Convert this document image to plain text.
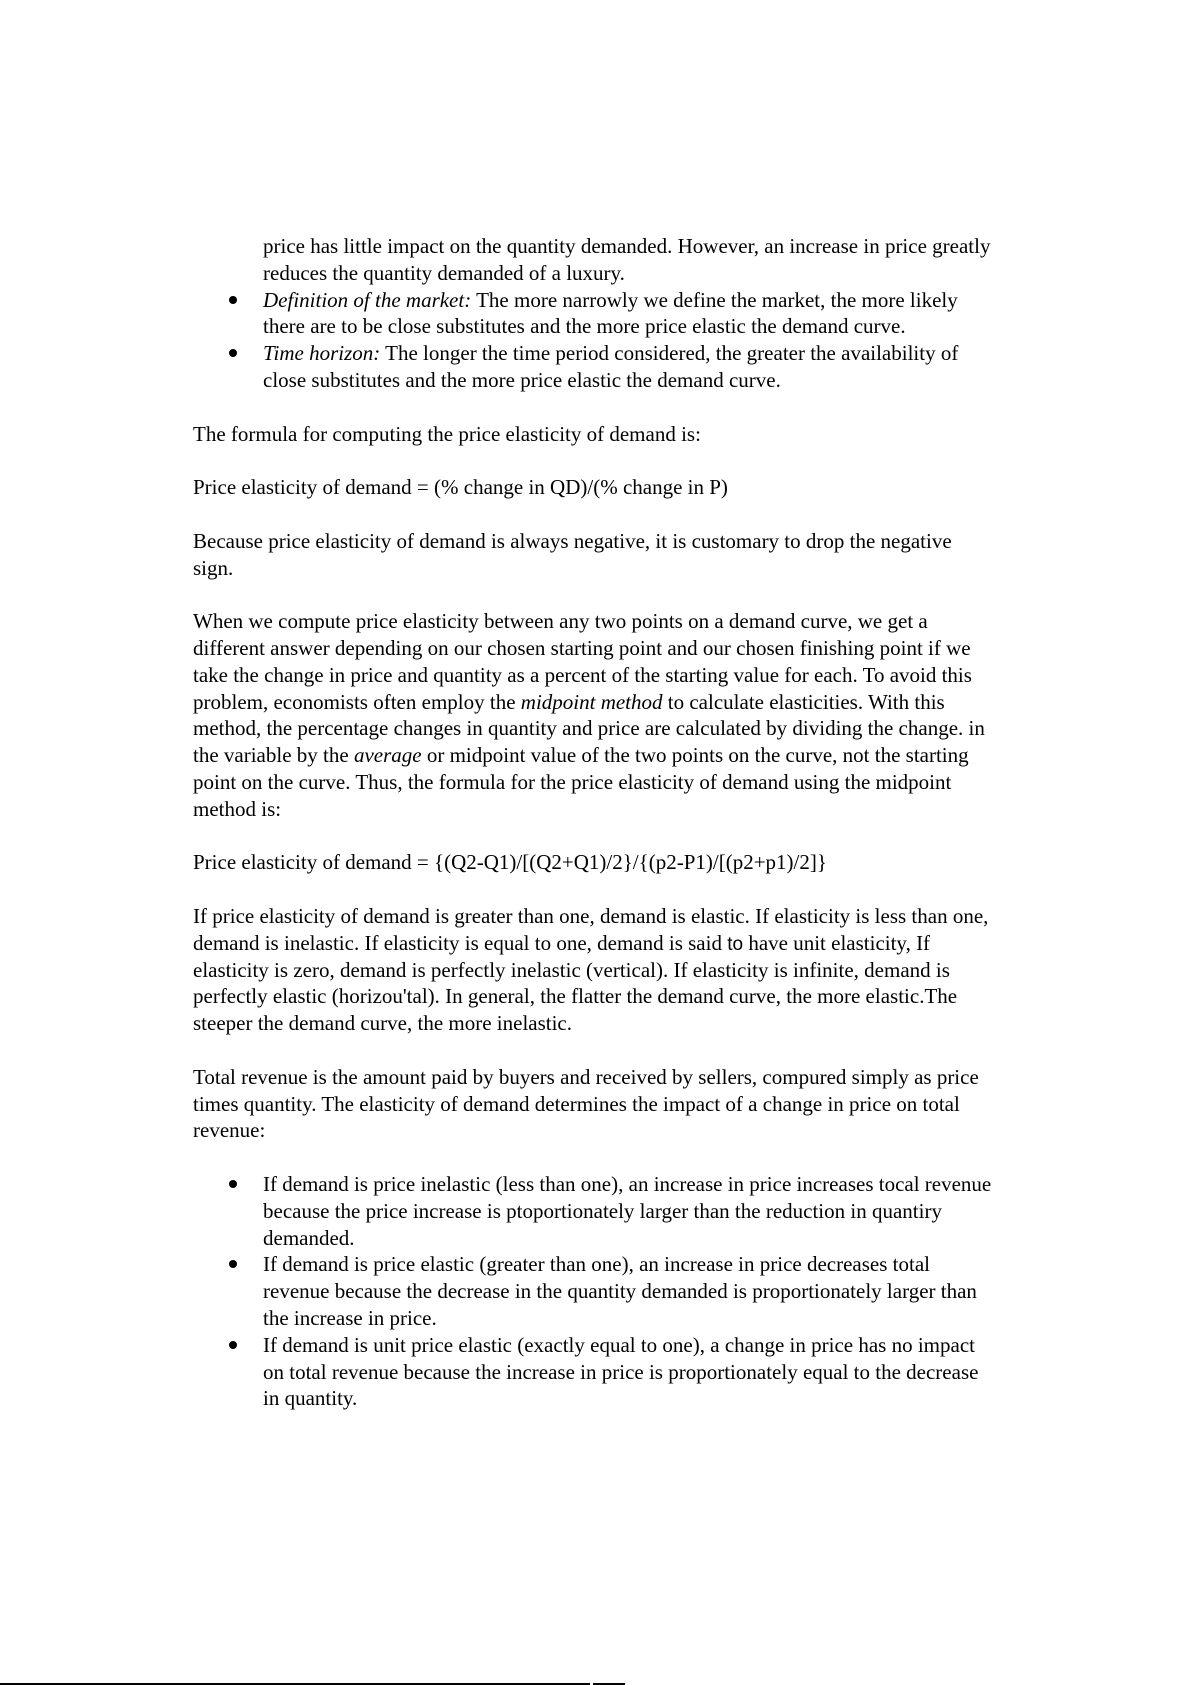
price has little impact on the quantity demanded. However, an increase in price greatly
reduces the quantity demanded of a luxury.
Definition of the market: The more narrowly we define the market, the more likely
there are to be close substitutes and the more price elastic the demand curve.
Time horizon: The longer the time period considered, the greater the availability of
close substitutes and the more price elastic the demand curve.
The formula for computing the price elasticity of demand is:
Price elasticity of demand = (% change in QD)/(% change in P)
Because price elasticity of demand is always negative, it is customary to drop the negative
sign.
When we compute price elasticity between any two points on a demand curve, we get a
different answer depending on our chosen starting point and our chosen finishing point if we
take the change in price and quantity as a percent of the starting value for each. To avoid this
problem, economists often employ the midpoint method to calculate elasticities. With this
method, the percentage changes in quantity and price are calculated by dividing the change. in
the variable by the average or midpoint value of the two points on the curve, not the starting
point on the curve. Thus, the formula for the price elasticity of demand using the midpoint
method is:
Price elasticity of demand = {(Q2-Q1)/[(Q2+Q1)/2}/{(p2-P1)/[(p2+p1)/2]}
If price elasticity of demand is greater than one, demand is elastic. If elasticity is less than one,
demand is inelastic. If elasticity is equal to one, demand is said to have unit elasticity, If
elasticity is zero, demand is perfectly inelastic (vertical). If elasticity is infinite, demand is
perfectly elastic (horizou'tal). In general, the flatter the demand curve, the more elastic.The
steeper the demand curve, the more inelastic.
Total revenue is the amount paid by buyers and received by sellers, compured simply as price
times quantity. The elasticity of demand determines the impact of a change in price on total
revenue:
If demand is price inelastic (less than one), an increase in price increases tocal revenue
because the price increase is ptoportionately larger than the reduction in quantiry
demanded.
If demand is price elastic (greater than one), an increase in price decreases total
revenue because the decrease in the quantity demanded is proportionately larger than
the increase in price.
If demand is unit price elastic (exactly equal to one), a change in price has no impact
on total revenue because the increase in price is proportionately equal to the decrease
in quantity.
